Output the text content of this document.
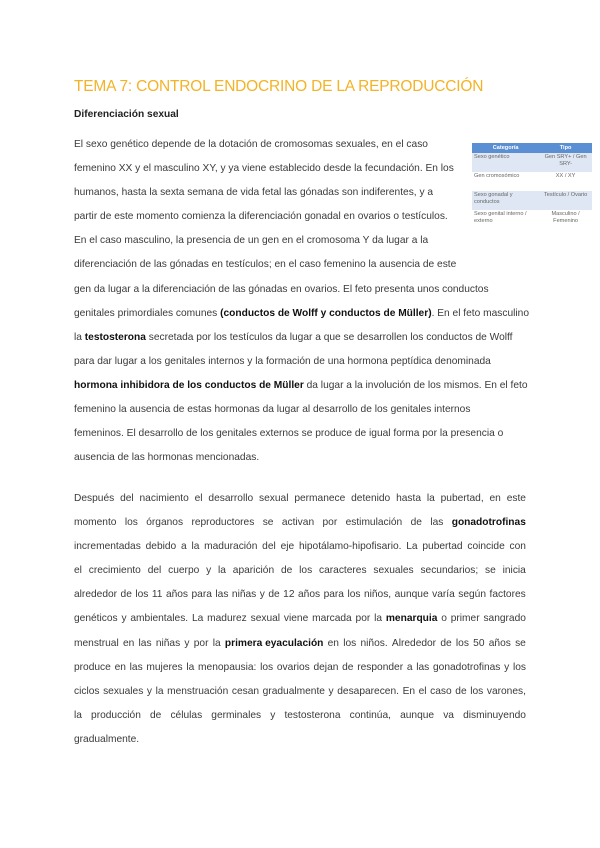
TEMA 7: CONTROL ENDOCRINO DE LA REPRODUCCIÓN
Diferenciación sexual
Categoría	Tipo
Sexo genético	Gen SRY+ / Gen SRY-
Gen cromosómico	XX / XY
Sexo gonadal y conductos	Testículo / Ovario
Sexo genital interno / externo	Masculino / Femenino
El sexo genético depende de la dotación de cromosomas sexuales, en el caso
femenino XX y el masculino XY, y ya viene establecido desde la fecundación. En los
humanos, hasta la sexta semana de vida fetal las gónadas son indiferentes, y a
partir de este momento comienza la diferenciación gonadal en ovarios o testículos.
En el caso masculino, la presencia de un gen en el cromosoma Y da lugar a la
diferenciación de las gónadas en testículos; en el caso femenino la ausencia de este
gen da lugar a la diferenciación de las gónadas en ovarios. El feto presenta unos conductos
genitales primordiales comunes (conductos de Wolff y conductos de Müller). En el feto masculino
la testosterona secretada por los testículos da lugar a que se desarrollen los conductos de Wolff
para dar lugar a los genitales internos y la formación de una hormona peptídica denominada
hormona inhibidora de los conductos de Müller da lugar a la involución de los mismos. En el feto
femenino la ausencia de estas hormonas da lugar al desarrollo de los genitales internos
femeninos. El desarrollo de los genitales externos se produce de igual forma por la presencia o
ausencia de las hormonas mencionadas.
Después del nacimiento el desarrollo sexual permanece detenido hasta la pubertad, en este
momento los órganos reproductores se activan por estimulación de las gonadotrofinas
incrementadas debido a la maduración del eje hipotálamo-hipofisario. La pubertad coincide con
el crecimiento del cuerpo y la aparición de los caracteres sexuales secundarios; se inicia
alrededor de los 11 años para las niñas y de 12 años para los niños, aunque varía según factores
genéticos y ambientales. La madurez sexual viene marcada por la menarquia o primer sangrado
menstrual en las niñas y por la primera eyaculación en los niños. Alrededor de los 50 años se
produce en las mujeres la menopausia: los ovarios dejan de responder a las gonadotrofinas y los
ciclos sexuales y la menstruación cesan gradualmente y desaparecen. En el caso de los varones,
la producción de células germinales y testosterona continúa, aunque va disminuyendo
gradualmente.
